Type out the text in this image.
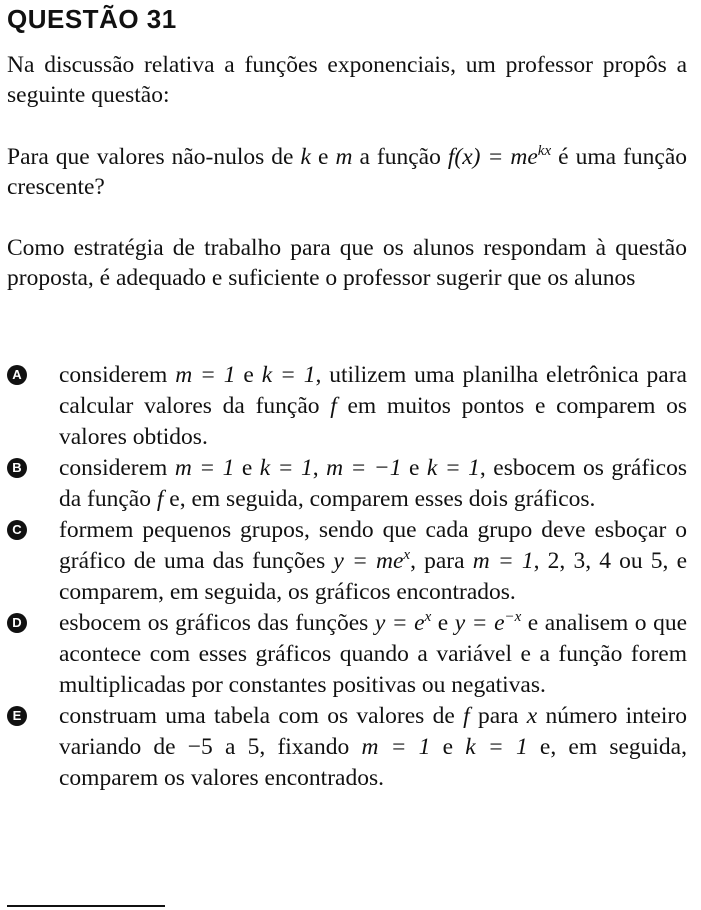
QUESTÃO 31
Na discussão relativa a funções exponenciais, um professor propôs a seguinte questão:
Para que valores não-nulos de k e m a função $f(x) = me^{kx}$ é uma função crescente?
Como estratégia de trabalho para que os alunos respondam à questão proposta, é adequado e suficiente o professor sugerir que os alunos
A considerem m = 1 e k = 1, utilizem uma planilha eletrônica para calcular valores da função f em muitos pontos e comparem os valores obtidos.
B considerem m = 1 e k = 1, m = −1 e k = 1, esbocem os gráficos da função f e, em seguida, comparem esses dois gráficos.
C formem pequenos grupos, sendo que cada grupo deve esboçar o gráfico de uma das funções $y = me^x$, para m = 1, 2, 3, 4 ou 5, e comparem, em seguida, os gráficos encontrados.
D esbocem os gráficos das funções $y = e^x$ e $y = e^{-x}$ e analisem o que acontece com esses gráficos quando a variável e a função forem multiplicadas por constantes positivas ou negativas.
E construam uma tabela com os valores de f para x número inteiro variando de −5 a 5, fixando m = 1 e k = 1 e, em seguida, comparem os valores encontrados.
